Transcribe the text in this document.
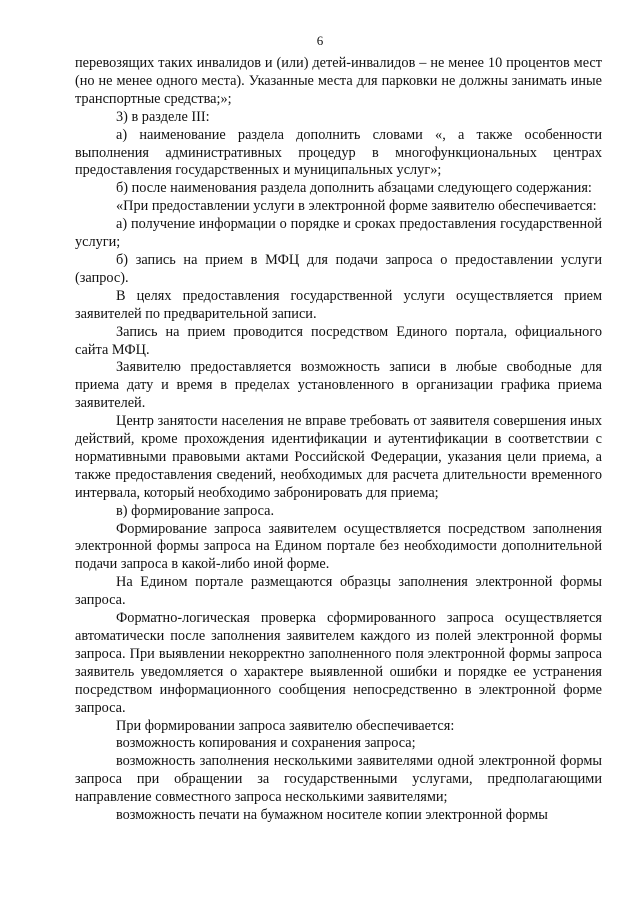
6

перевозящих таких инвалидов и (или) детей-инвалидов – не менее 10 процентов мест (но не менее одного места). Указанные места для парковки не должны занимать иные транспортные средства;»;

3) в разделе III:

а) наименование раздела дополнить словами «, а также особенности выполнения административных процедур в многофункциональных центрах предоставления государственных и муниципальных услуг»;

б) после наименования раздела дополнить абзацами следующего содержания:

«При предоставлении услуги в электронной форме заявителю обеспечивается:

а) получение информации о порядке и сроках предоставления государственной услуги;

б) запись на прием в МФЦ для подачи запроса о предоставлении услуги (запрос).

В целях предоставления государственной услуги осуществляется прием заявителей по предварительной записи.

Запись на прием проводится посредством Единого портала, официального сайта МФЦ.

Заявителю предоставляется возможность записи в любые свободные для приема дату и время в пределах установленного в организации графика приема заявителей.

Центр занятости населения не вправе требовать от заявителя совершения иных действий, кроме прохождения идентификации и аутентификации в соответствии с нормативными правовыми актами Российской Федерации, указания цели приема, а также предоставления сведений, необходимых для расчета длительности временного интервала, который необходимо забронировать для приема;

в) формирование запроса.

Формирование запроса заявителем осуществляется посредством заполнения электронной формы запроса на Едином портале без необходимости дополнительной подачи запроса в какой-либо иной форме.

На Едином портале размещаются образцы заполнения электронной формы запроса.

Форматно-логическая проверка сформированного запроса осуществляется автоматически после заполнения заявителем каждого из полей электронной формы запроса. При выявлении некорректно заполненного поля электронной формы запроса заявитель уведомляется о характере выявленной ошибки и порядке ее устранения посредством информационного сообщения непосредственно в электронной форме запроса.

При формировании запроса заявителю обеспечивается:

возможность копирования и сохранения запроса;

возможность заполнения несколькими заявителями одной электронной формы запроса при обращении за государственными услугами, предполагающими направление совместного запроса несколькими заявителями;

возможность печати на бумажном носителе копии электронной формы
